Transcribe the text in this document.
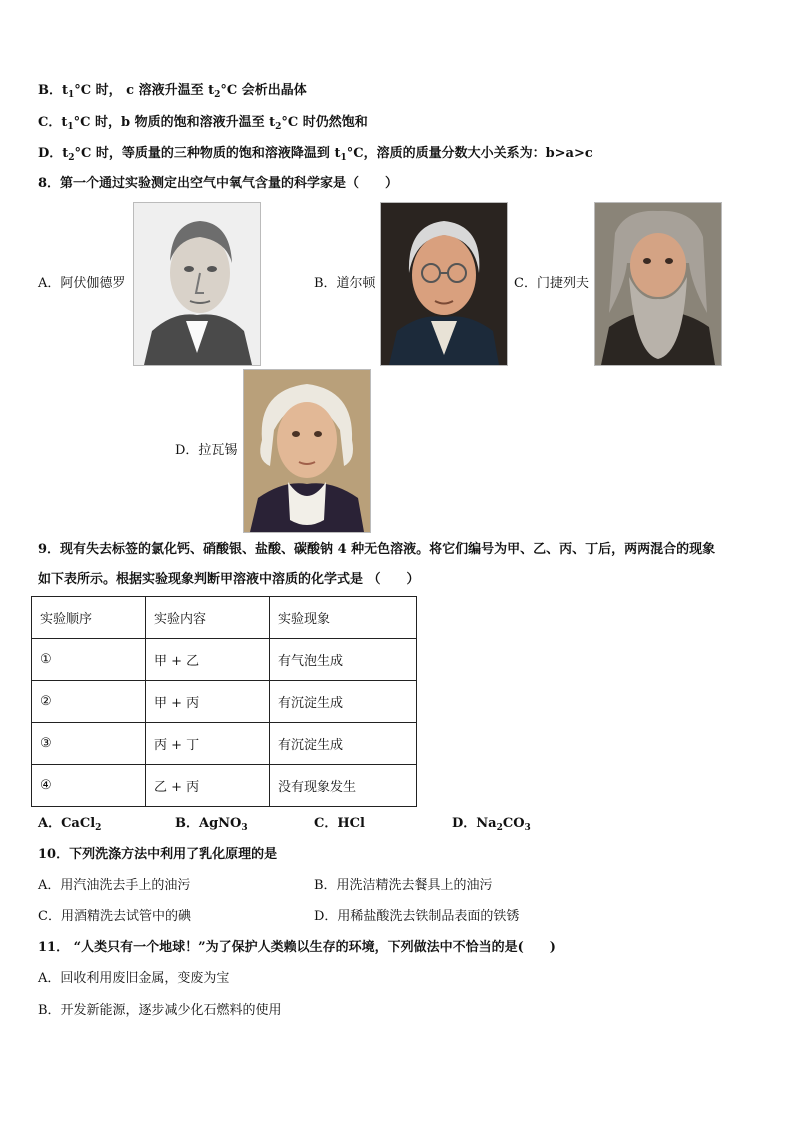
B．$t_1^\circ C$ 时， c 溶液升温至 $t_2^\circ C$ 会析出晶体
C．$t_1^\circ C$ 时，b 物质的饱和溶液升温至 $t_2^\circ C$ 时仍然饱和
D．$t_2^\circ C$ 时，等质量的三种物质的饱和溶液降温到 $t_1^\circ C$，溶质的质量分数大小关系为：b>a>c
8．第一个通过实验测定出空气中氧气含量的科学家是（　　）
A．阿伏伽德罗	B．道尔顿	C．门捷列夫
D．拉瓦锡
9．现有失去标签的氯化钙、硝酸银、盐酸、碳酸钠 4 种无色溶液。将它们编号为甲、乙、丙、丁后，两两混合的现象
如下表所示。根据实验现象判断甲溶液中溶质的化学式是 （　　）
实验顺序	实验内容	实验现象
①	甲 + 乙	有气泡生成
②	甲 + 丙	有沉淀生成
③	丙 + 丁	有沉淀生成
④	乙 + 丙	没有现象发生
A．CaCl$_2$	B．AgNO$_3$	C．HCl	D．$Na_2CO_3$
10．下列洗涤方法中利用了乳化原理的是
A．用汽油洗去手上的油污	B．用洗洁精洗去餐具上的油污
C．用酒精洗去试管中的碘	D．用稀盐酸洗去铁制品表面的铁锈
11． “人类只有一个地球！”为了保护人类赖以生存的环境，下列做法中不恰当的是(　　)
A．回收利用废旧金属，变废为宝
B．开发新能源，逐步减少化石燃料的使用
